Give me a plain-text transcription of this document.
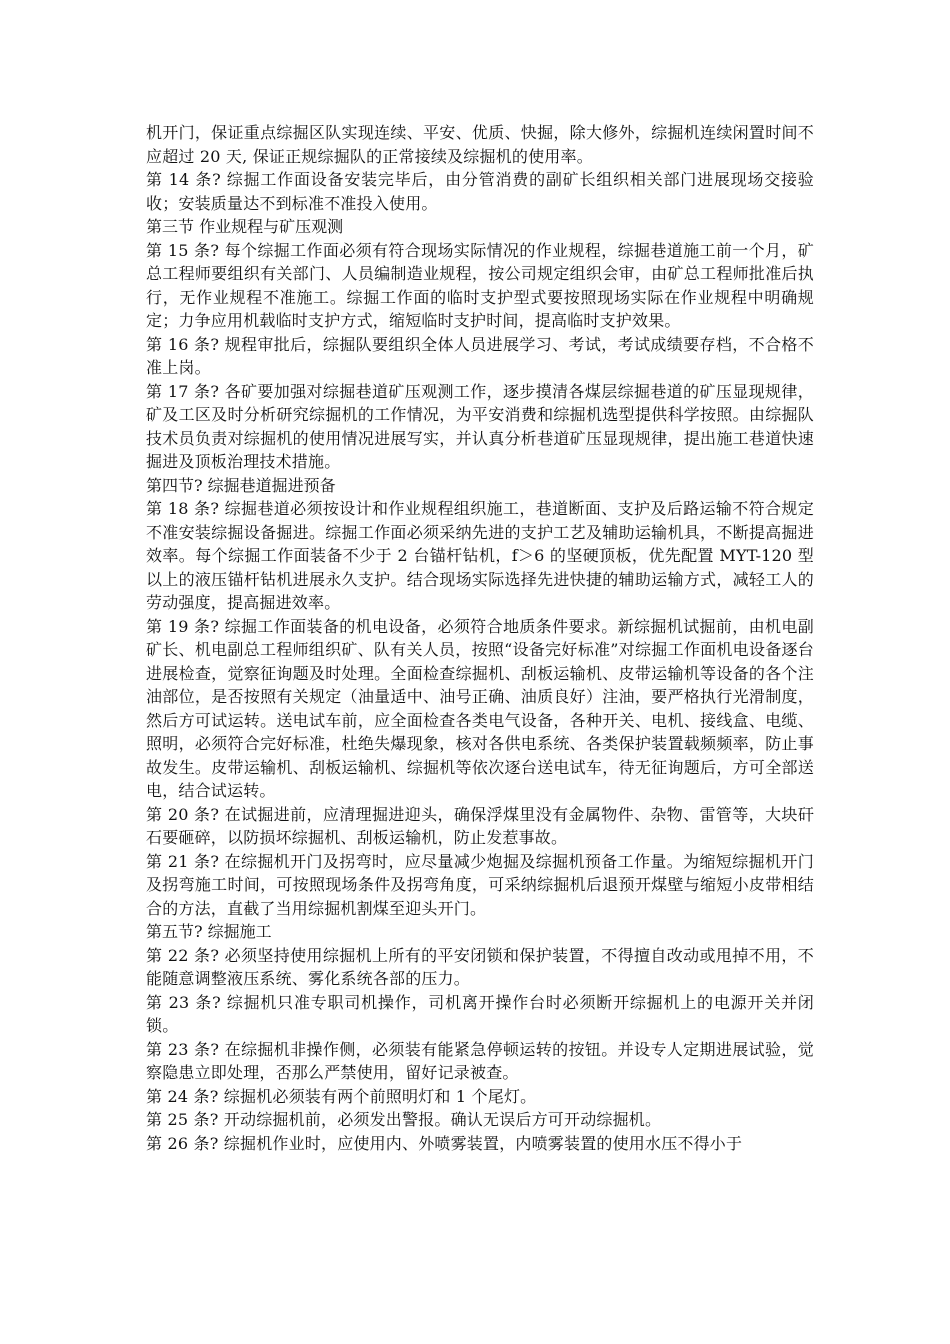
机开门，保证重点综掘区队实现连续、平安、优质、快掘，除大修外，综掘机连续闲置时间不应超过 20 天, 保证正规综掘队的正常接续及综掘机的使用率。

第 14 条? 综掘工作面设备安装完毕后，由分管消费的副矿长组织相关部门进展现场交接验收；安装质量达不到标准不准投入使用。

第三节 作业规程与矿压观测

第 15 条? 每个综掘工作面必须有符合现场实际情况的作业规程，综掘巷道施工前一个月，矿总工程师要组织有关部门、人员编制造业规程，按公司规定组织会审，由矿总工程师批准后执行，无作业规程不准施工。综掘工作面的临时支护型式要按照现场实际在作业规程中明确规定；力争应用机载临时支护方式，缩短临时支护时间，提高临时支护效果。

第 16 条? 规程审批后，综掘队要组织全体人员进展学习、考试，考试成绩要存档，不合格不准上岗。

第 17 条? 各矿要加强对综掘巷道矿压观测工作，逐步摸清各煤层综掘巷道的矿压显现规律，矿及工区及时分析研究综掘机的工作情况，为平安消费和综掘机选型提供科学按照。由综掘队技术员负责对综掘机的使用情况进展写实，并认真分析巷道矿压显现规律，提出施工巷道快速掘进及顶板治理技术措施。

第四节? 综掘巷道掘进预备

第 18 条? 综掘巷道必须按设计和作业规程组织施工，巷道断面、支护及后路运输不符合规定不准安装综掘设备掘进。综掘工作面必须采纳先进的支护工艺及辅助运输机具，不断提高掘进效率。每个综掘工作面装备不少于 2 台锚杆钻机，f＞6 的坚硬顶板，优先配置 MYT-120 型以上的液压锚杆钻机进展永久支护。结合现场实际选择先进快捷的辅助运输方式，减轻工人的劳动强度，提高掘进效率。

第 19 条? 综掘工作面装备的机电设备，必须符合地质条件要求。新综掘机试掘前，由机电副矿长、机电副总工程师组织矿、队有关人员，按照“设备完好标准”对综掘工作面机电设备逐台进展检查，觉察征询题及时处理。全面检查综掘机、刮板运输机、皮带运输机等设备的各个注油部位，是否按照有关规定（油量适中、油号正确、油质良好）注油，要严格执行光滑制度，然后方可试运转。送电试车前，应全面检查各类电气设备，各种开关、电机、接线盒、电缆、照明，必须符合完好标准，杜绝失爆现象，核对各供电系统、各类保护装置载频频率，防止事故发生。皮带运输机、刮板运输机、综掘机等依次逐台送电试车，待无征询题后，方可全部送电，结合试运转。

第 20 条? 在试掘进前，应清理掘进迎头，确保浮煤里没有金属物件、杂物、雷管等，大块矸石要砸碎，以防损坏综掘机、刮板运输机，防止发惹事故。

第 21 条? 在综掘机开门及拐弯时，应尽量减少炮掘及综掘机预备工作量。为缩短综掘机开门及拐弯施工时间，可按照现场条件及拐弯角度，可采纳综掘机后退预开煤壁与缩短小皮带相结合的方法，直截了当用综掘机割煤至迎头开门。

第五节? 综掘施工

第 22 条? 必须坚持使用综掘机上所有的平安闭锁和保护装置，不得擅自改动或甩掉不用，不能随意调整液压系统、雾化系统各部的压力。

第 23 条? 综掘机只准专职司机操作，司机离开操作台时必须断开综掘机上的电源开关并闭锁。

第 23 条? 在综掘机非操作侧，必须装有能紧急停顿运转的按钮。并设专人定期进展试验，觉察隐患立即处理，否那么严禁使用，留好记录被查。

第 24 条? 综掘机必须装有两个前照明灯和 1 个尾灯。

第 25 条? 开动综掘机前，必须发出警报。确认无误后方可开动综掘机。

第 26 条? 综掘机作业时，应使用内、外喷雾装置，内喷雾装置的使用水压不得小于
